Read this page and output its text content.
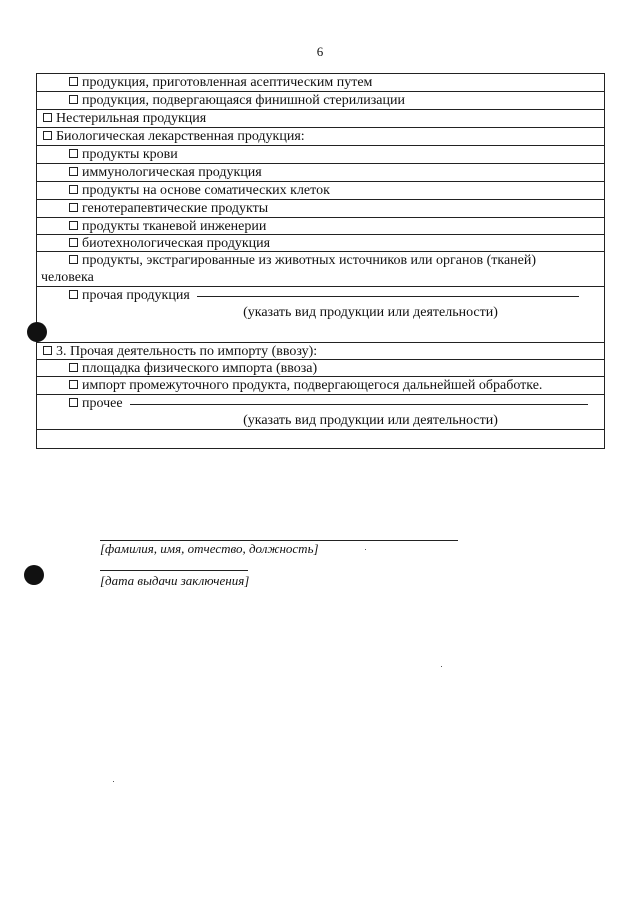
6
продукция, приготовленная асептическим путем
продукция, подвергающаяся финишной стерилизации
Нестерильная продукция
Биологическая лекарственная продукция:
продукты крови
иммунологическая продукция
продукты на основе соматических клеток
генотерапевтические продукты
продукты тканевой инженерии
биотехнологическая продукция
продукты, экстрагированные из животных источников или органов (тканей)
человека
прочая продукция
(указать вид продукции или деятельности)
3. Прочая деятельность по импорту (ввозу):
площадка физического импорта (ввоза)
импорт промежуточного продукта, подвергающегося дальнейшей обработке.
прочее
(указать вид продукции или деятельности)
[фамилия, имя, отчество, должность]
[дата выдачи заключения]
